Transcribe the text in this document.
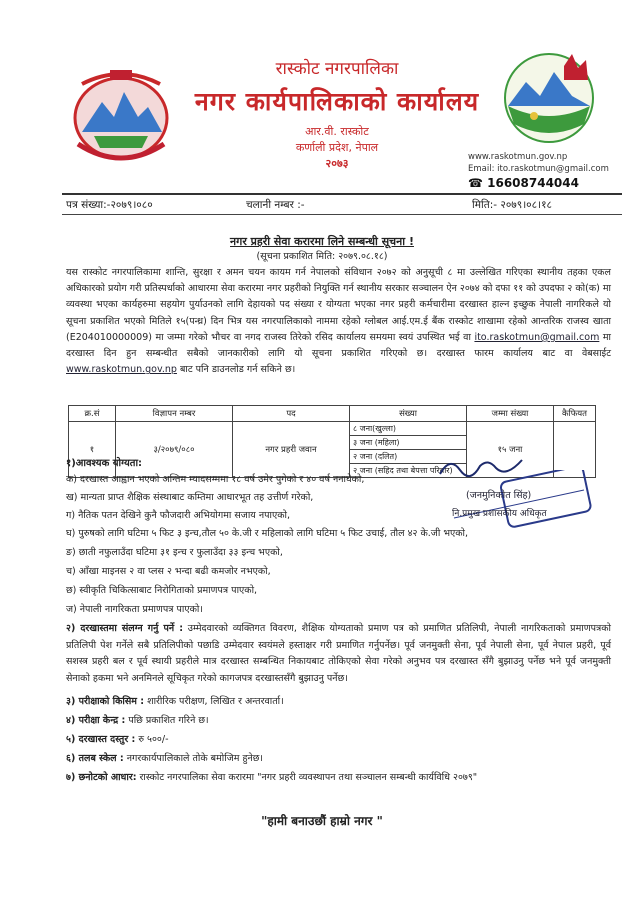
रास्कोट नगरपालिका
नगर कार्यपालिकाको कार्यालय
आर.वी. रास्कोट
कर्णाली प्रदेश, नेपाल
२०७३	www.raskotmun.gov.np
Email: ito.raskotmun@gmail.com
☎ 16608744044
पत्र संख्या:-२०७९।०८०	चलानी नम्बर :-	मिति:- २०७९।०८।१८
नगर प्रहरी सेवा करारमा लिने सम्बन्धी सूचना !
(सूचना प्रकाशित मिति: २०७९.०८.१८)
यस रास्कोट नगरपालिकामा शान्ति, सुरक्षा र अमन चयन कायम गर्न नेपालको संविधान २०७२ को अनुसूची ८ मा उल्लेखित गरिएका स्थानीय तहका एकल अधिकारको प्रयोग गरी प्रतिस्पर्धाको आधारमा सेवा करारमा नगर प्रहरीको नियुक्ति गर्न स्थानीय सरकार सञ्चालन ऐन २०७४ को दफा ११ को उपदफा २ को(क) मा व्यवस्था भएका कार्यहरुमा सहयोग पुर्याउनको लागि देहायको पद संख्या र योग्यता भएका नगर प्रहरी कर्मचारीमा दरखास्त हाल्न इच्छुक नेपाली नागरिकले यो सूचना प्रकाशित भएको मितिले १५(पन्ध्र) दिन भित्र यस नगरपालिकाको नाममा रहेको ग्लोबल आई.एम.ई बैंक रास्कोट शाखामा रहेको आन्तरिक राजस्व खाता (E204010000009) मा जम्मा गरेको भौचर वा नगद राजस्व तिरेको रसिद कार्यालय समयमा स्वयं उपस्थित भई वा ito.raskotmun@gmail.com मा दरखास्त दिन हुन सम्बन्धीत सबैको जानकारीको लागि यो सूचना प्रकाशित गरिएको छ। दरखास्त फारम कार्यालय बाट वा वेबसाईट www.raskotmun.gov.np बाट पनि डाउनलोड गर्न सकिने छ।
क्र.सं	विज्ञापन नम्बर	पद	संख्या	जम्मा संख्या	कैफियत
१	३/२०७९/०८०	नगर प्रहरी जवान	८ जना(खुल्ला)	१५ जना	
			३ जना (महिला)		
			२ जना (दलित)		
			२ जना (सहिद तथा बेपत्ता परिवार)		
१)आवश्यक योग्यता:
क) दरखास्त आह्वान भएको अन्तिम म्यादसम्ममा १८ वर्ष उमेर पुगेको र ४० वर्ष ननाघेको,
ख) मान्यता प्राप्त शैक्षिक संस्थाबाट कम्तिमा आधारभूत तह उत्तीर्ण गरेको,
ग) नैतिक पतन देखिने कुनै फौजदारी अभियोगमा सजाय नपाएको,
घ) पुरुषको लागि घटिमा ५ फिट ३ इन्च,तौल ५० के.जी र महिलाको लागि घटिमा ५ फिट उचाई, तौल ४२ के.जी भएको,
ङ) छाती नफुलाउँदा घटिमा ३१ इन्च र फुलाउँदा ३३ इन्च भएको,
च) आँखा माइनस २ वा प्लस २ भन्दा बढी कमजोर नभएको,
छ) स्वीकृति चिकित्साबाट निरोगिताको प्रमाणपत्र पाएको,
ज) नेपाली नागरिकता प्रमाणपत्र पाएको।
(जनमुनिकोत सिंह)
नि.प्रमुख प्रशासकीय अधिकृत
२) दरखास्तमा संलग्न गर्नु पर्ने : उम्मेदवारको व्यक्तिगत विवरण, शैक्षिक योग्यताको प्रमाण पत्र को प्रमाणित प्रतिलिपी, नेपाली नागरिकताको प्रमाणपत्रको प्रतिलिपी पेश गर्नेले सबै प्रतिलिपीको पछाडि उम्मेदवार स्वयंमले हस्ताक्षर गरी प्रमाणित गर्नुपर्नेछ। पूर्व जनमुक्ती सेना, पूर्व नेपाली सेना, पूर्व नेपाल प्रहरी, पूर्व सशस्त्र प्रहरी बल र पूर्व स्थायी प्रहरीले मात्र दरखास्त सम्बन्धित निकायबाट तोकिएको सेवा गरेको अनुभव पत्र दरखास्त सँगै बुझाउनु पर्नेछ भने पूर्व जनमुक्ती सेनाको हकमा भने अनमिनले सूचिकृत गरेको कागजपत्र दरखास्तसँगै बुझाउनु पर्नेछ।
३) परीक्षाको किसिम : शारीरिक परीक्षण, लिखित र अन्तरवार्ता।
४) परीक्षा केन्द्र : पछि प्रकाशित गरिने छ।
५) दरखास्त दस्तुर : रु ५००/-
६) तलब स्केल : नगरकार्यपालिकाले तोके बमोजिम हुनेछ।
७) छनोटको आधार: रास्कोट नगरपालिका सेवा करारमा "नगर प्रहरी व्यवस्थापन तथा सञ्चालन सम्बन्धी कार्यविधि २०७९"
"हामी बनाउछौं हाम्रो नगर "
